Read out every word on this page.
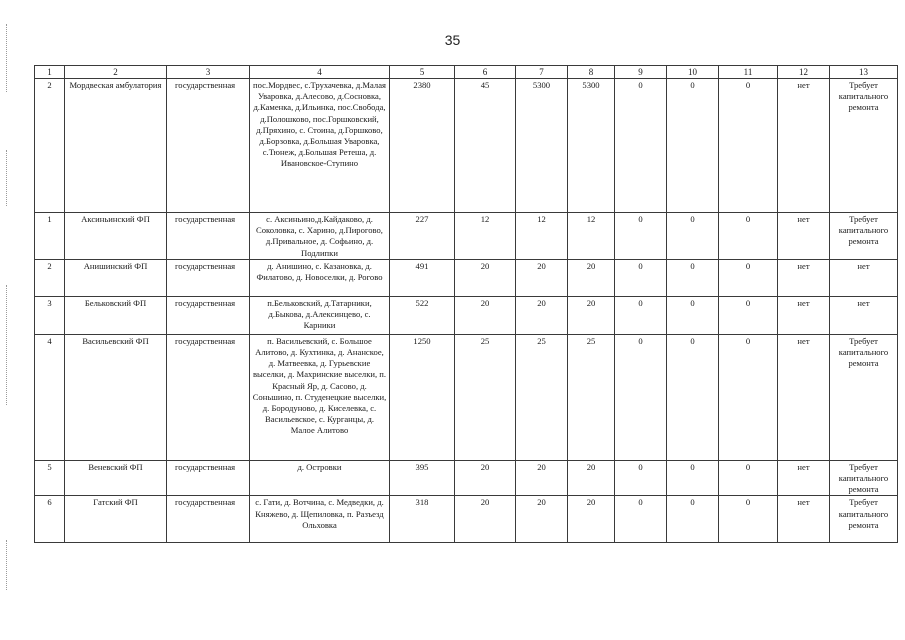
35
1	2	3	4	5	6	7	8	9	10	11	12	13
2	Мордвеская амбулатория	государственная	пос.Мордвес, с.Трухачевка, д.Малая Уваровка, д.Алесово, д.Сосновка, д.Каменка, д.Ильинка, пос.Свобода, д.Полошково, пос.Горшковский, д.Пряхино, с. Стоина, д.Горшково, д.Борзовка, д.Большая Уваровка, с.Тюнеж, д.Большая Ретеша, д. Ивановское-Ступино	2380	45	5300	5300	0	0	0	нет	Требует капитального ремонта
1	Аксиньинский ФП	государственная	с. Аксиньино,д.Кайдаково, д. Соколовка, с. Харино, д.Пирогово, д.Привальное, д. Софьино, д. Подлипки	227	12	12	12	0	0	0	нет	Требует капитального ремонта
2	Анишинский ФП	государственная	д. Анишино, с. Казановка, д. Филатово, д. Новоселки, д. Рогово	491	20	20	20	0	0	0	нет	нет
3	Бельковский ФП	государственная	п.Бельковский, д.Татарники, д.Быкова, д.Алексинцево, с. Карники	522	20	20	20	0	0	0	нет	нет
4	Васильевский ФП	государственная	п. Васильевский, с. Большое Алитово, д. Кухтинка, д. Ананское, д. Матвеевка, д. Гурьевские выселки, д. Махринские выселки, п. Красный Яр, д. Сасово, д. Соньшино, п. Студенецкие выселки, д. Бородуново, д. Киселевка, с. Васильевское, с. Курганцы, д. Малое Алитово	1250	25	25	25	0	0	0	нет	Требует капитального ремонта
5	Веневский ФП	государственная	д. Островки	395	20	20	20	0	0	0	нет	Требует капитального ремонта
6	Гатский ФП	государственная	с. Гати, д. Вотчина, с. Медведки, д. Княжево, д. Щепиловка, п. Разъезд Ольховка	318	20	20	20	0	0	0	нет	Требует капитального ремонта
